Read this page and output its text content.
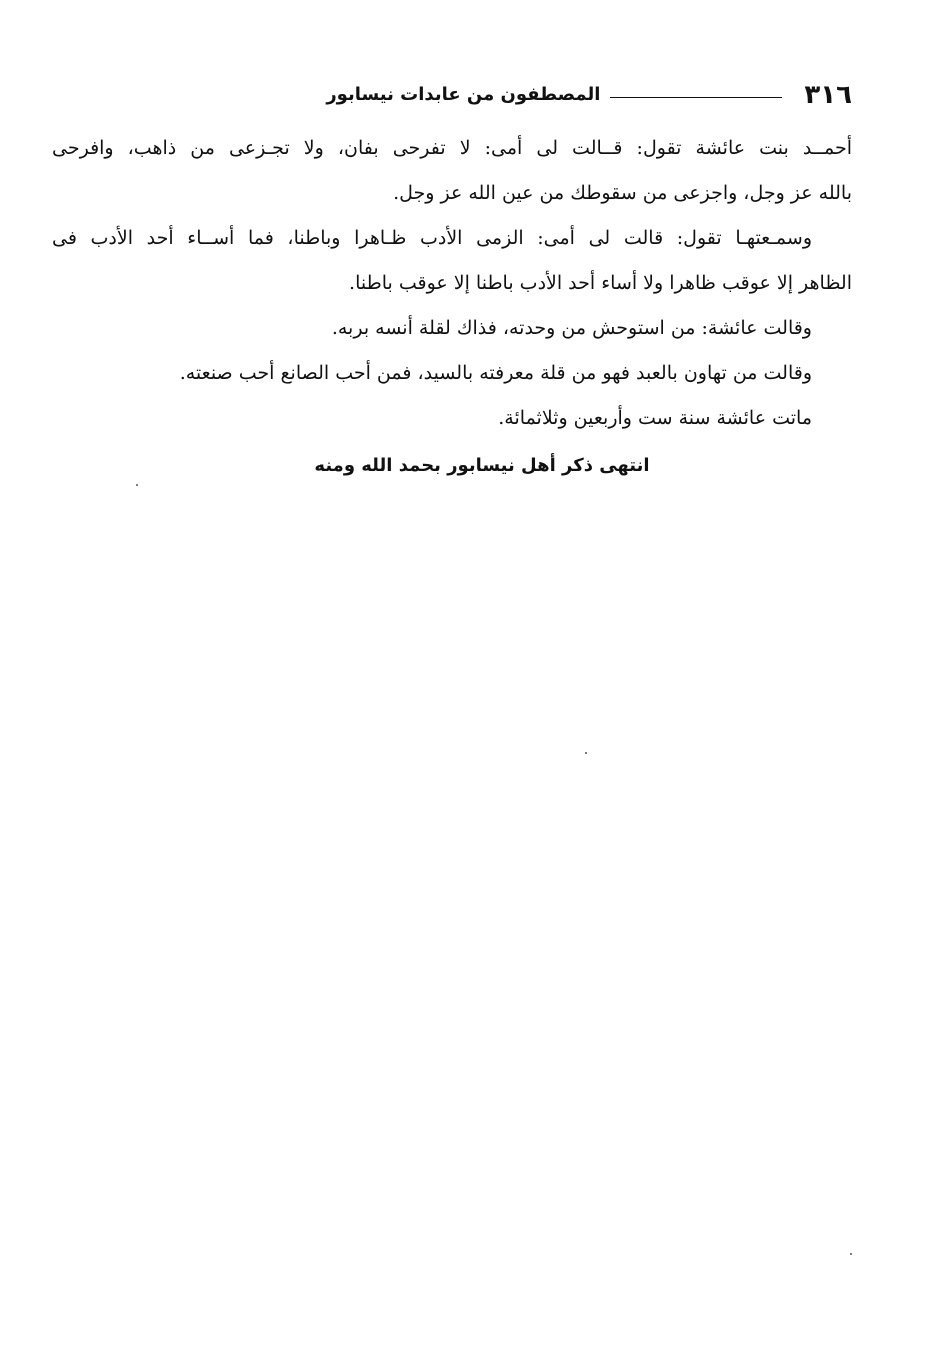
٣١٦
المصطفون من عابدات نيسابور
أحمــد بنت عائشة تقول: قــالت لى أمى: لا تفرحى بفان، ولا تجـزعى من ذاهب، وافرحى
بالله عز وجل، واجزعى من سقوطك من عين الله عز وجل.
وسمـعتهـا تقول: قالت لى أمى: الزمى الأدب ظـاهرا وباطنا، فما أســاء أحد الأدب فى
الظاهر إلا عوقب ظاهرا ولا أساء أحد الأدب باطنا إلا عوقب باطنا.
وقالت عائشة: من استوحش من وحدته، فذاك لقلة أنسه بربه.
وقالت من تهاون بالعبد فهو من قلة معرفته بالسيد، فمن أحب الصانع أحب صنعته.
ماتت عائشة سنة ست وأربعين وثلاثمائة.
انتهى ذكر أهل نيسابور بحمد الله ومنه
